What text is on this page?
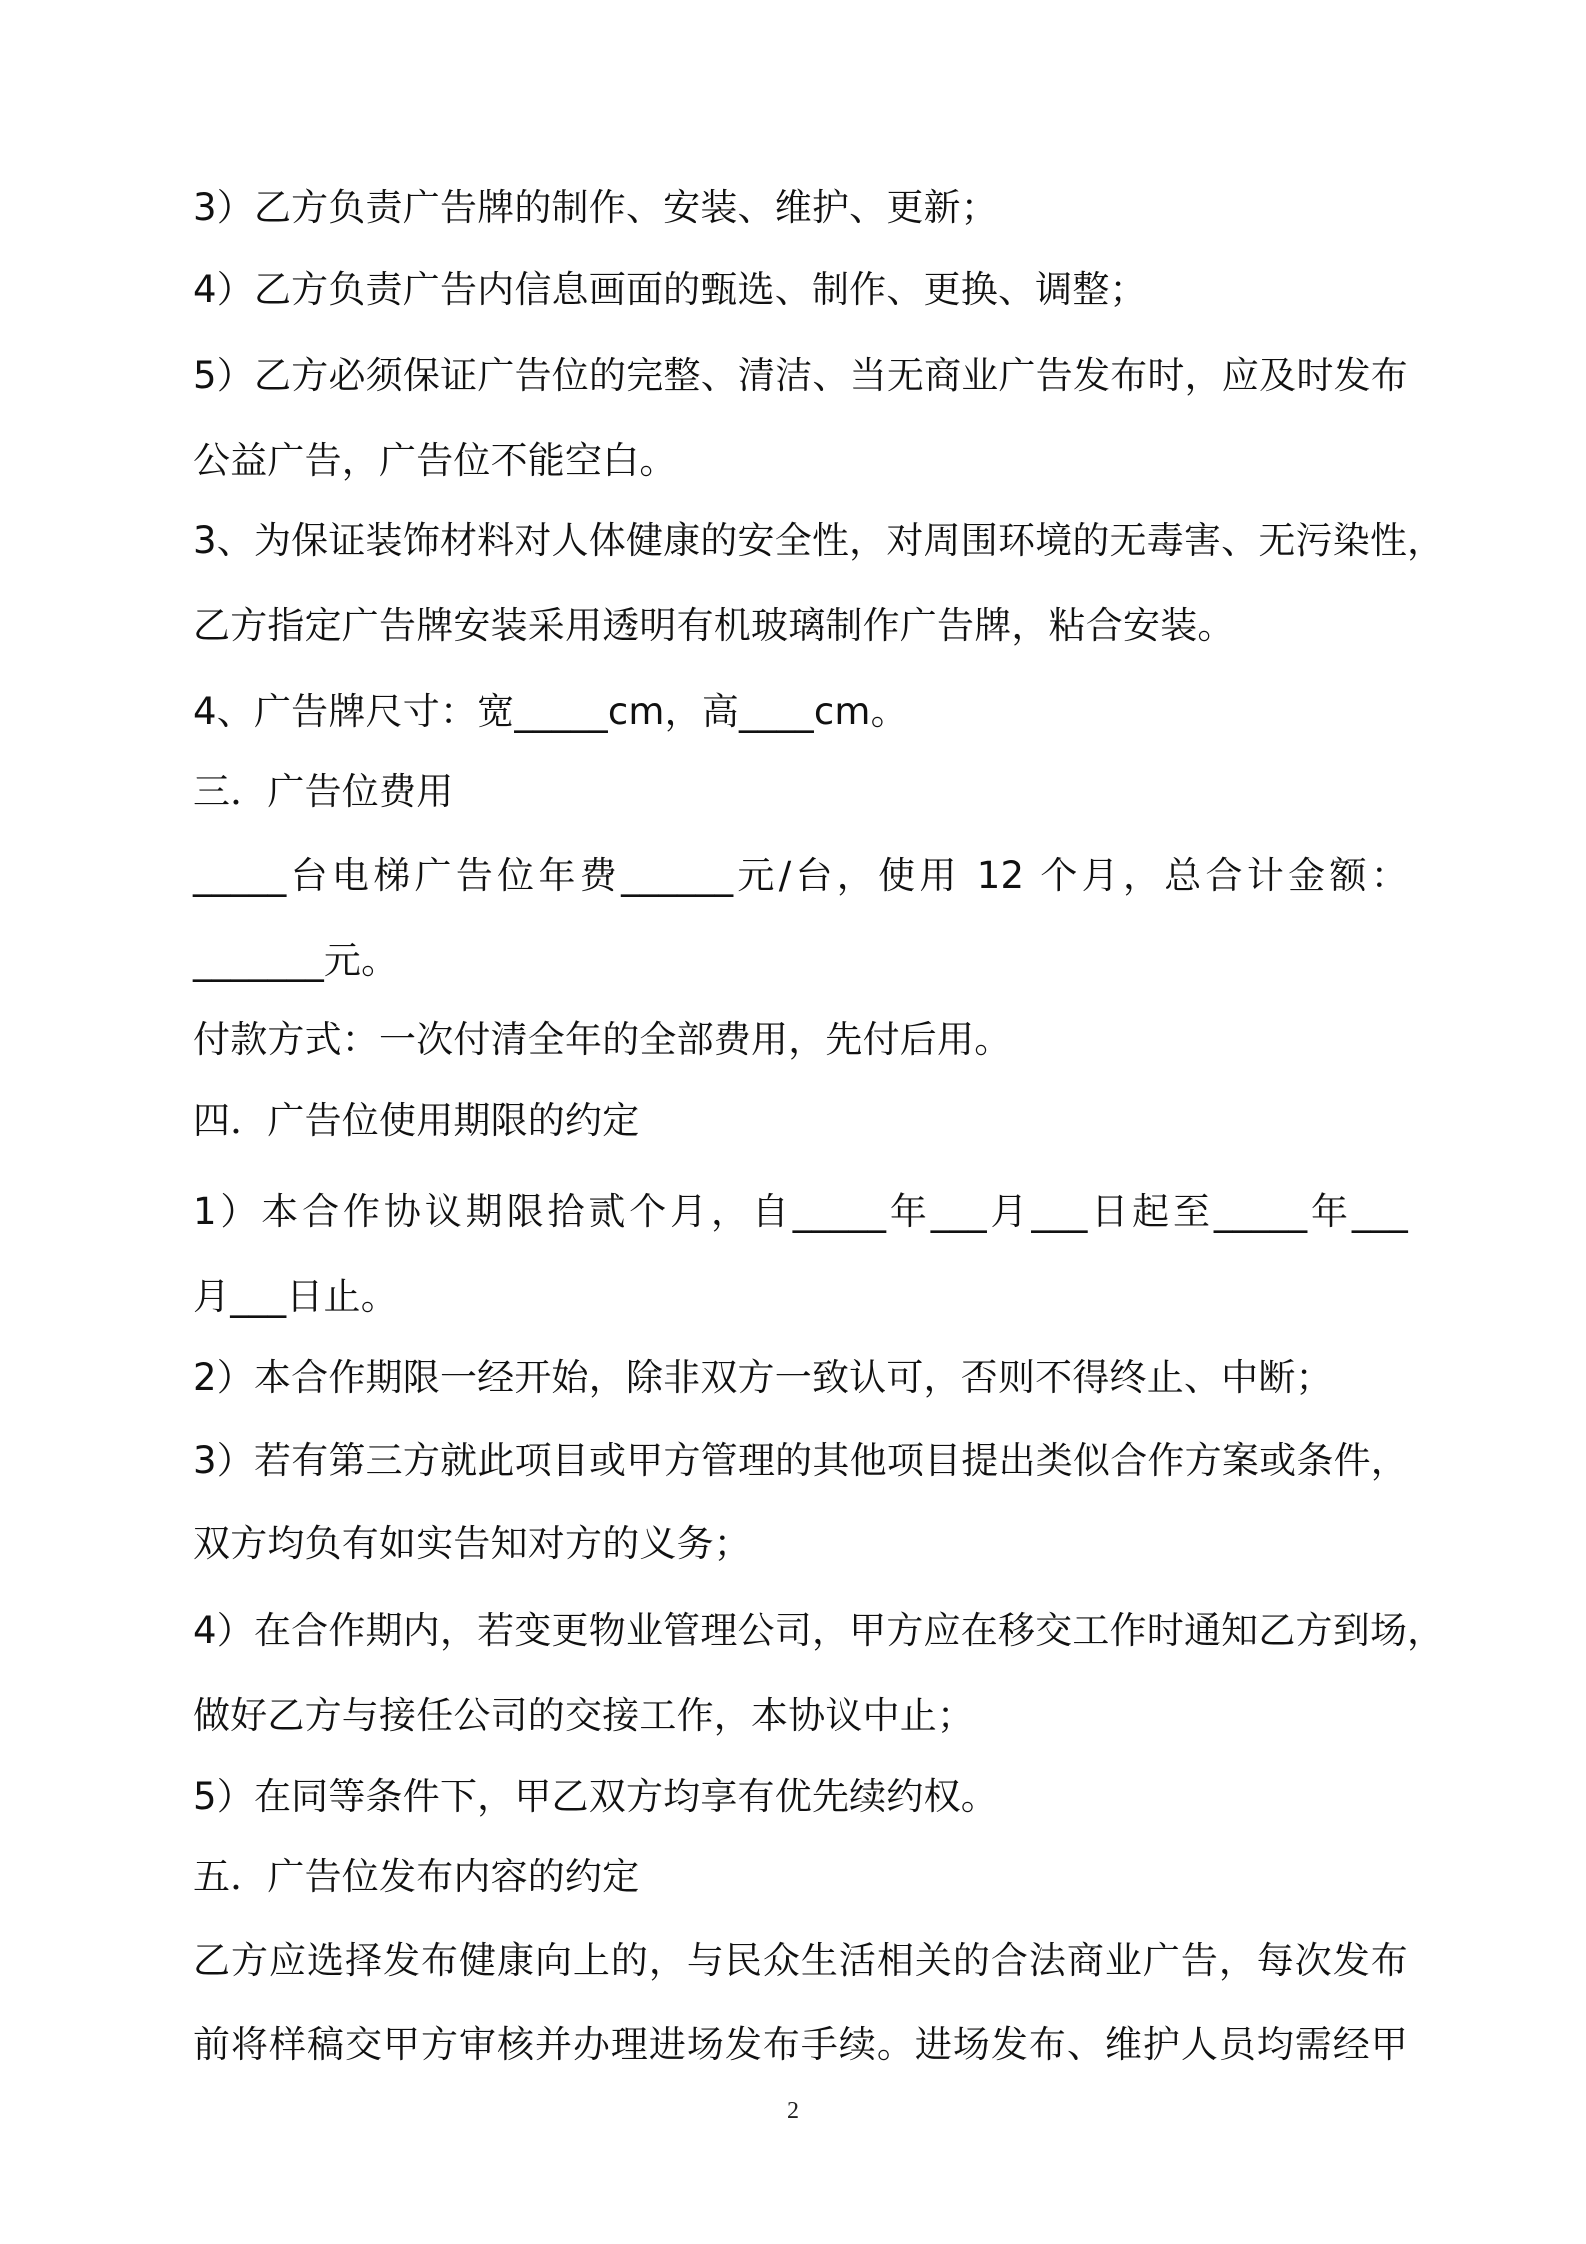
3）乙方负责广告牌的制作、安装、维护、更新；
4）乙方负责广告内信息画面的甄选、制作、更换、调整；
5）乙方必须保证广告位的完整、清洁、当无商业广告发布时，应及时发布
公益广告，广告位不能空白。
3、为保证装饰材料对人体健康的安全性，对周围环境的无毒害、无污染性，
乙方指定广告牌安装采用透明有机玻璃制作广告牌，粘合安装。
4、广告牌尺寸：宽_____cm，高____cm。
三．广告位费用
_____台电梯广告位年费______元/台，使用 12 个月，总合计金额：
_______元。
付款方式：一次付清全年的全部费用，先付后用。
四．广告位使用期限的约定
1）本合作协议期限拾贰个月，自_____年___月___日起至_____年___
月___日止。
2）本合作期限一经开始，除非双方一致认可，否则不得终止、中断；
3）若有第三方就此项目或甲方管理的其他项目提出类似合作方案或条件，
双方均负有如实告知对方的义务；
4）在合作期内，若变更物业管理公司，甲方应在移交工作时通知乙方到场，
做好乙方与接任公司的交接工作，本协议中止；
5）在同等条件下，甲乙双方均享有优先续约权。
五．广告位发布内容的约定
乙方应选择发布健康向上的，与民众生活相关的合法商业广告，每次发布
前将样稿交甲方审核并办理进场发布手续。进场发布、维护人员均需经甲
2
